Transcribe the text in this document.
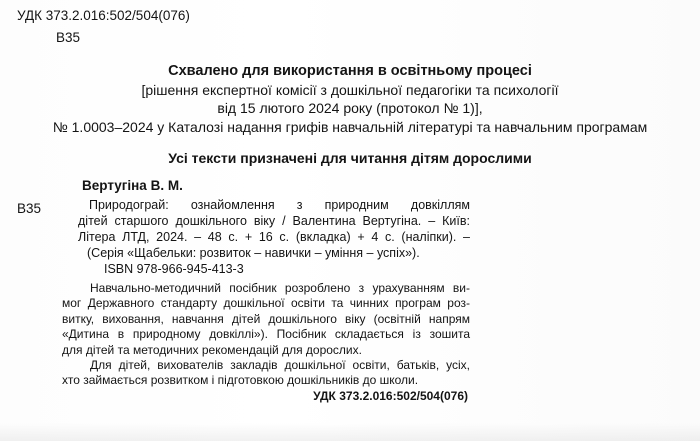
УДК 373.2.016:502/504(076)
В35
Схвалено для використання в освітньому процесі
[рішення експертної комісії з дошкільної педагогіки та психології
від 15 лютого 2024 року (протокол № 1)],
№ 1.0003–2024 у Каталозі надання грифів навчальній літературі та навчальним програмам
Усі тексти призначені для читання дітям дорослими
Вертугіна В. М.
В35	Природограй: ознайомлення з природним довкіллям
дітей старшого дошкільного віку / Валентина Вертугіна. – Київ:
Літера ЛТД, 2024. – 48 с. + 16 с. (вкладка) + 4 с. (наліпки). –
(Серія «Щабельки: розвиток – навички – уміння – успіх»).
ISBN 978-966-945-413-3
Навчально-методичний посібник розроблено з урахуванням ви-
мог Державного стандарту дошкільної освіти та чинних програм роз-
витку, виховання, навчання дітей дошкільного віку (освітній напрям
«Дитина в природному довкіллі»). Посібник складається із зошита
для дітей та методичних рекомендацій для дорослих.
Для дітей, вихователів закладів дошкільної освіти, батьків, усіх,
хто займається розвитком і підготовкою дошкільників до школи.
УДК 373.2.016:502/504(076)
